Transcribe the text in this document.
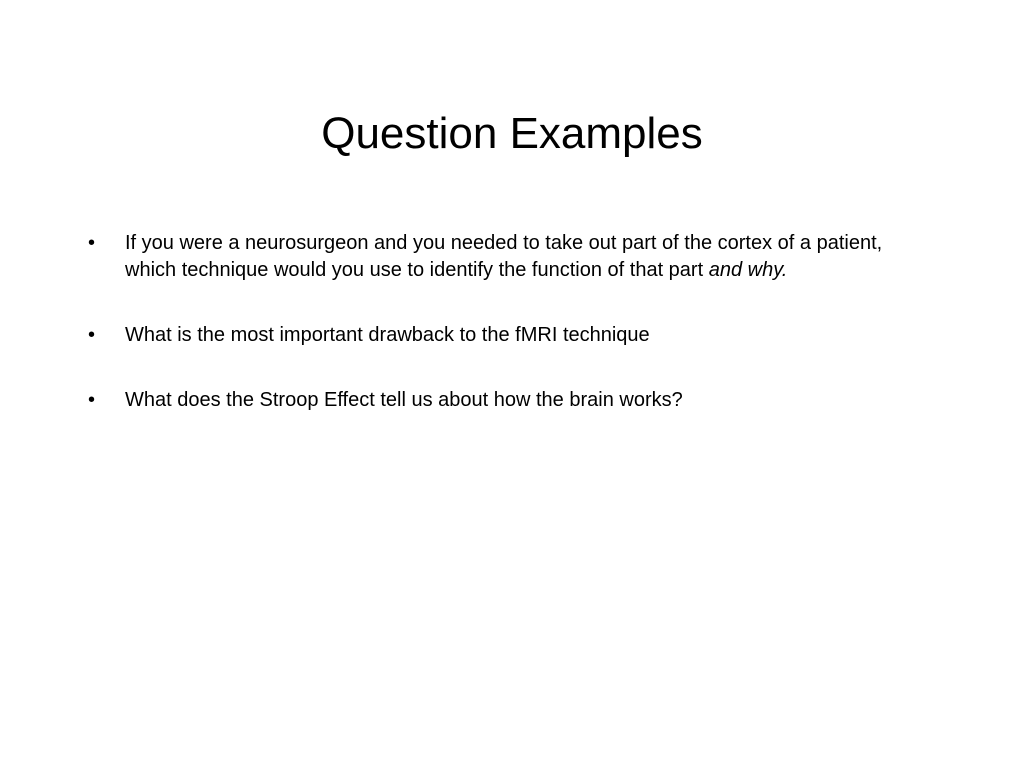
Question Examples
• If you were a neurosurgeon and you needed to take out part of the cortex of a patient, which technique would you use to identify the function of that part and why.
• What is the most important drawback to the fMRI technique
• What does the Stroop Effect tell us about how the brain works?
